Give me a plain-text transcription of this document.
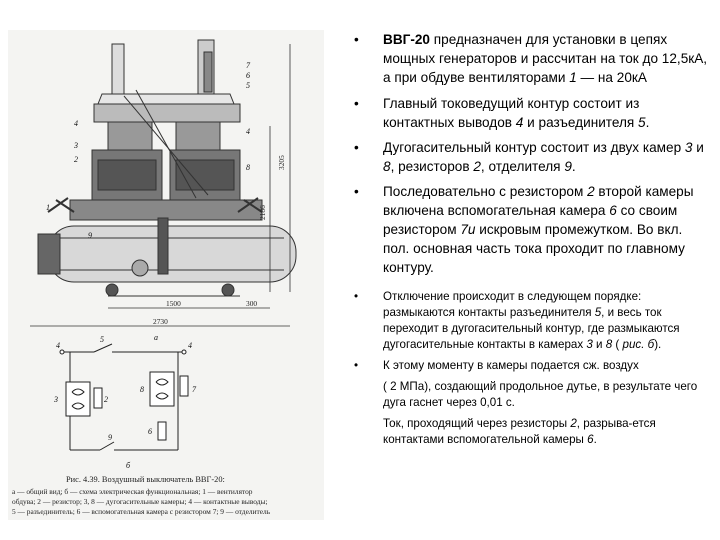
3205
2186
2730
1500	300
7
6
5
4
8
4
3
2
1
9
а
4
5
4
3	2
8	7
6
9
б
Рис. 4.39. Воздушный выключатель ВВГ-20:
а — общий вид; б — схема электрическая функциональная; 1 — вентилятор
обдува; 2 — резистор; 3, 8 — дугогасительные камеры; 4 — контактные выводы;
5 — разъединитель; 6 — вспомогательная камера с резистором 7; 9 — отделитель
• ВВГ-20 предназначен для установки в цепях мощных генераторов и рассчитан на ток до 12,5кА, а при обдуве вентиляторами 1 — на 20кА
• Главный токоведущий контур состоит из контактных выводов 4 и разъединителя 5.
• Дугогасительный контур состоит из двух камер 3 и 8, резисторов 2, отделителя 9.
• Последовательно с резистором 2 второй камеры включена вспомогательная камера 6 со своим резистором 7и искровым промежутком. Во вкл. пол. основная часть тока проходит по главному контуру.
• Отключение происходит в следующем порядке: размыкаются контакты разъединителя 5, и весь ток переходит в дугогасительный контур, где размыкаются дугогасительные контакты в камерах 3 и 8 ( рис. б).
• К этому моменту в камеры подается сж. воздух
( 2 МПа), создающий продольное дутье, в результате чего дуга гаснет через 0,01 с.
Ток, проходящий через резисторы 2, разрыва-ется контактами вспомогательной камеры 6.
